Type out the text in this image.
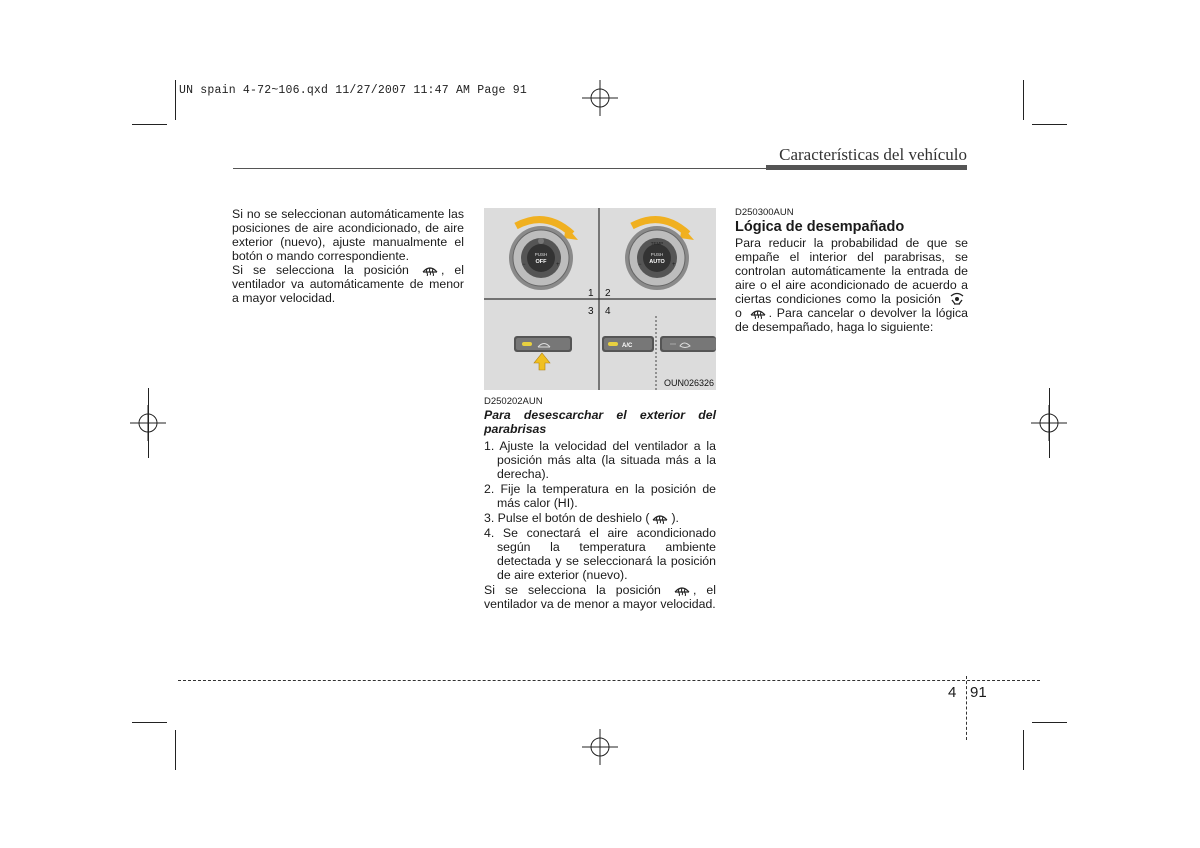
UN spain 4-72~106.qxd 11/27/2007 11:47 AM Page 91
Características del vehículo

Si no se seleccionan automáticamente las posiciones de aire acondicionado, de aire exterior (nuevo), ajuste manualmente el botón o mando correspondiente.

Si se selecciona la posición	, el ventilador va automáticamente de menor a mayor velocidad.

PUSH
OFF
−	+
TEMP
PUSH
AUTO
−	+
1 2
3 4
A/C
OUN026326

D250202AUN

Para desescarchar el exterior del parabrisas

1. Ajuste la velocidad del ventilador a la posición más alta (la situada más a la derecha).

2. Fije la temperatura en la posición de más calor (HI).

3. Pulse el botón de deshielo ( ).

4. Se conectará el aire acondicionado según la temperatura ambiente detectada y se seleccionará la posición de aire exterior (nuevo).

Si se selecciona la posición	, el ventilador va de menor a mayor velocidad.

D250300AUN

Lógica de desempañado

Para reducir la probabilidad de que se empañe el interior del parabrisas, se controlan automáticamente la entrada de aire o el aire acondicionado de acuerdo a ciertas condiciones como la posición  o . Para cancelar o devolver la lógica de desempañado, haga lo siguiente:

4 91
